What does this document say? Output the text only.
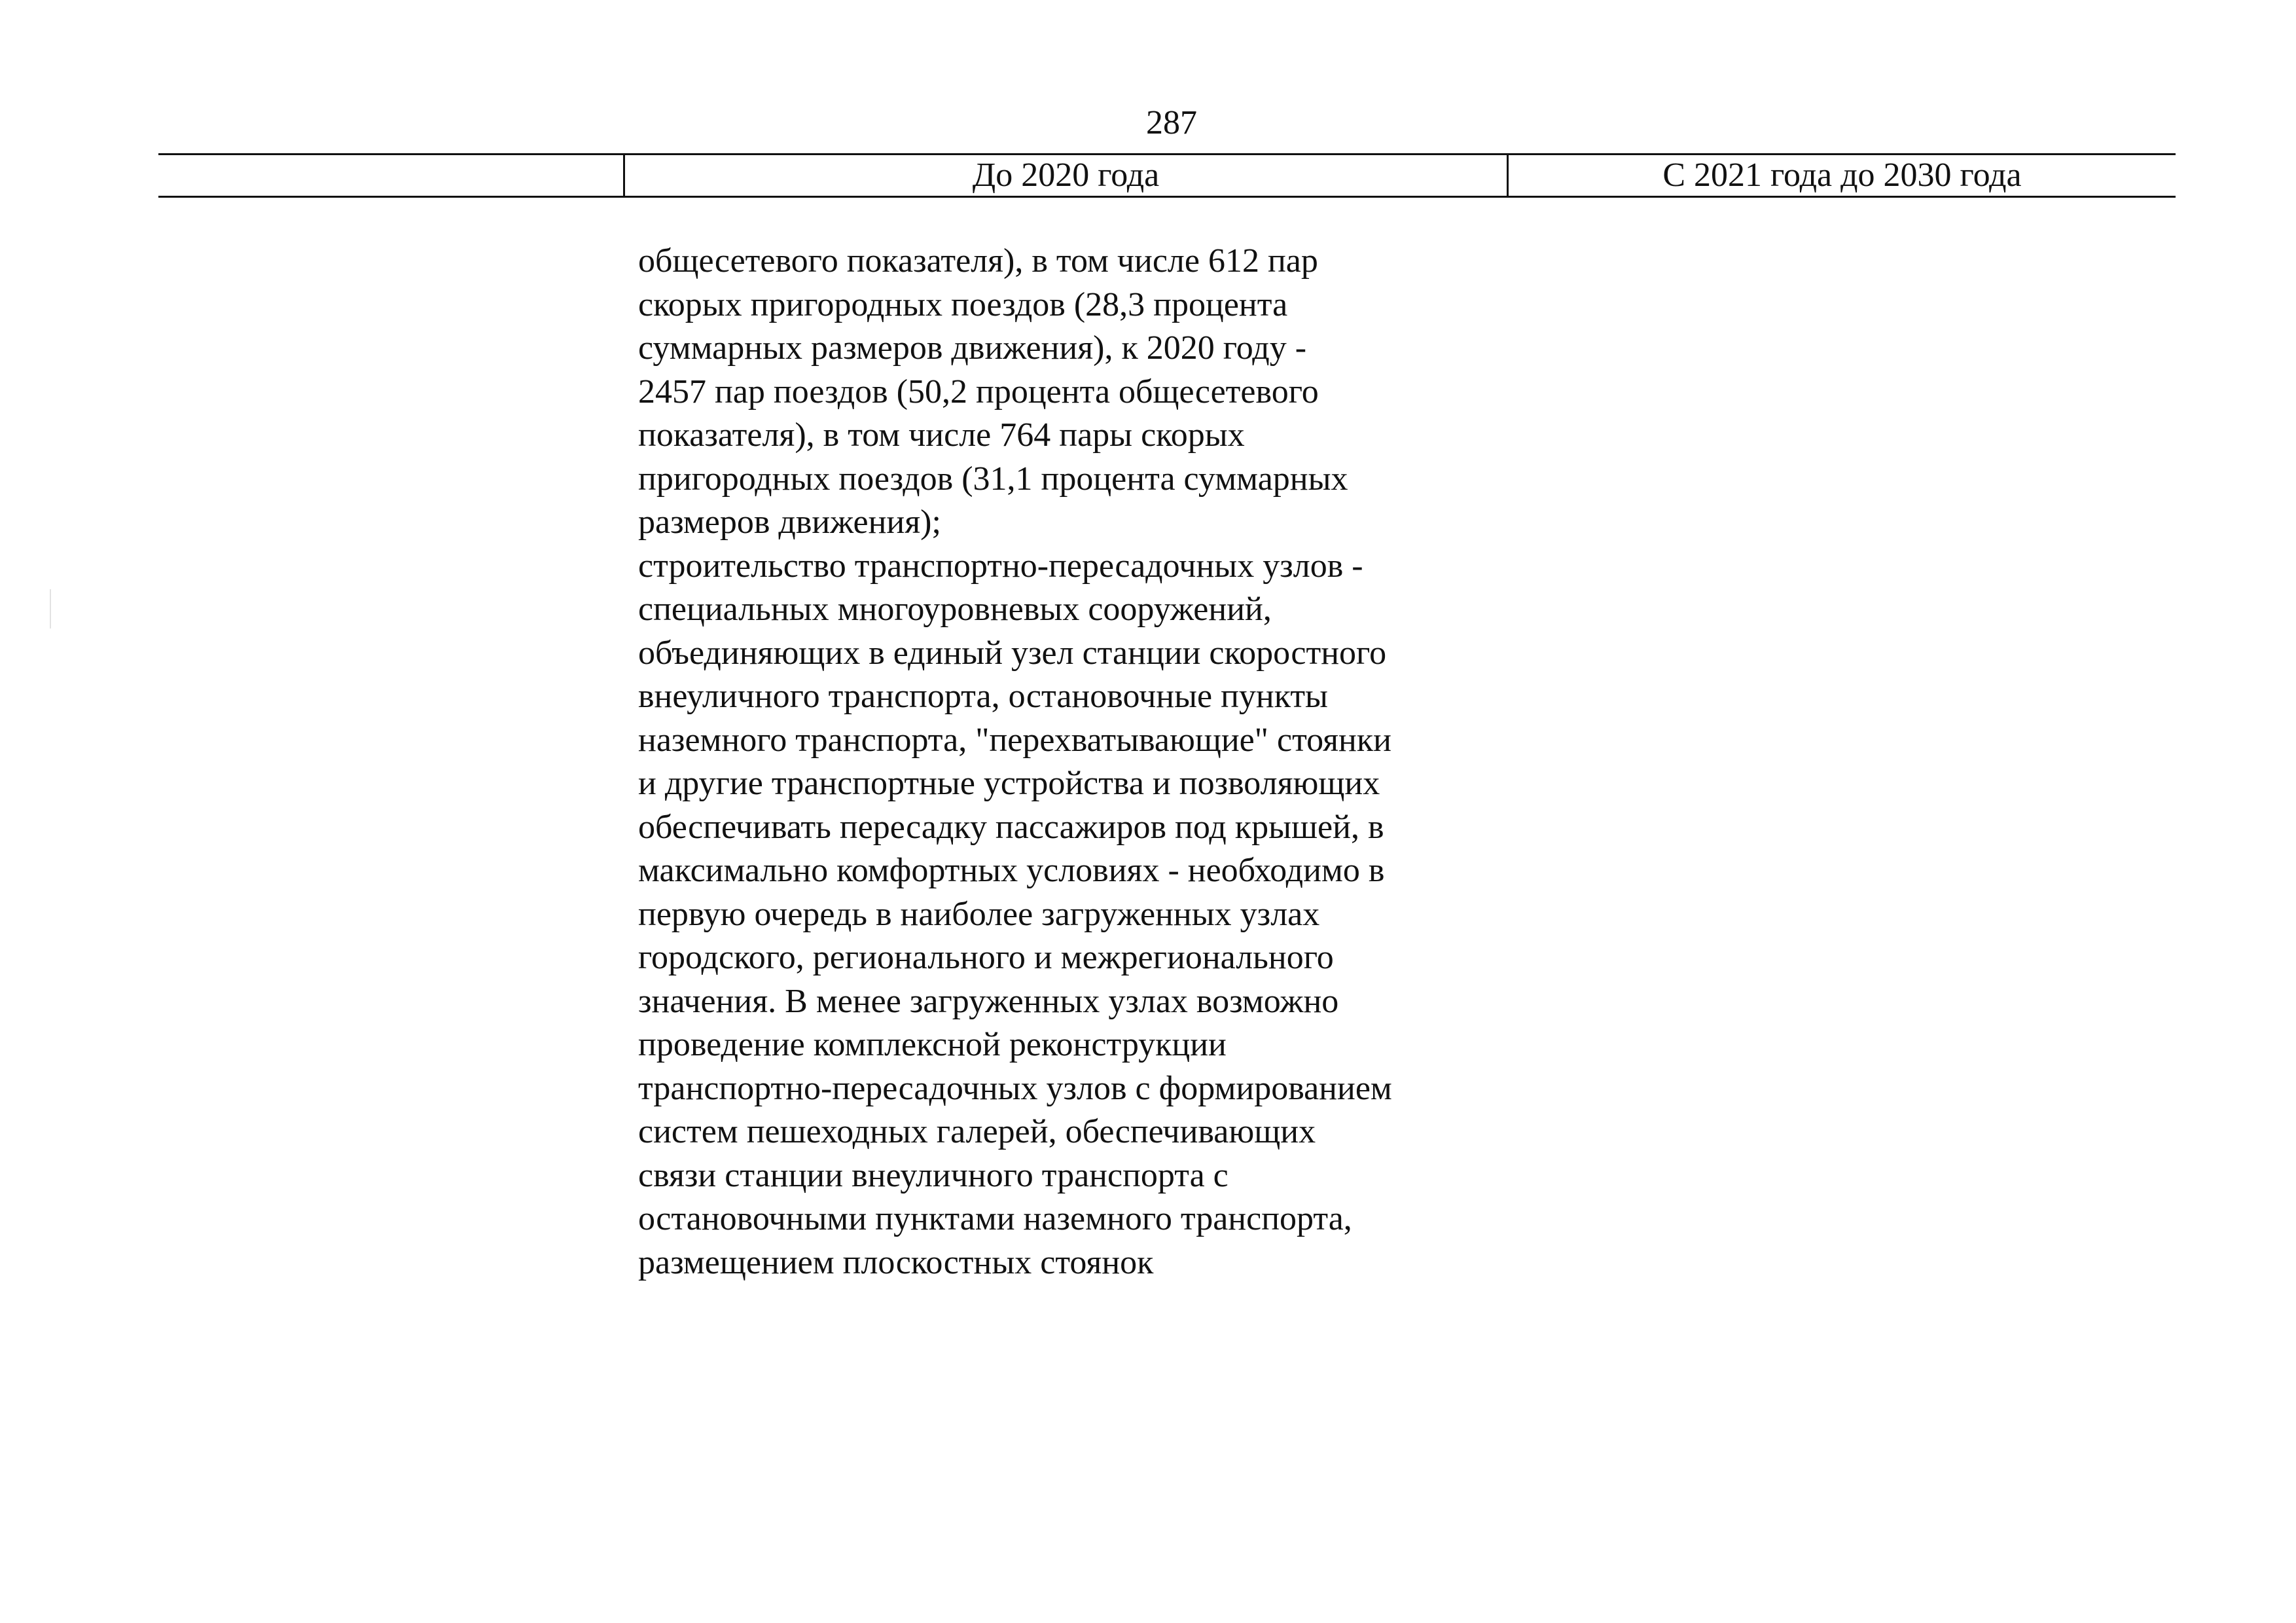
287
До 2020 года	С 2021 года до 2030 года
общесетевого показателя), в том числе 612 пар
скорых пригородных поездов (28,3 процента
суммарных размеров движения), к 2020 году -
2457 пар поездов (50,2 процента общесетевого
показателя), в том числе 764 пары скорых
пригородных поездов (31,1 процента суммарных
размеров движения);
строительство транспортно-пересадочных узлов -
специальных многоуровневых сооружений,
объединяющих в единый узел станции скоростного
внеуличного транспорта, остановочные пункты
наземного транспорта, "перехватывающие" стоянки
и другие транспортные устройства и позволяющих
обеспечивать пересадку пассажиров под крышей, в
максимально комфортных условиях - необходимо в
первую очередь в наиболее загруженных узлах
городского, регионального и межрегионального
значения. В менее загруженных узлах возможно
проведение комплексной реконструкции
транспортно-пересадочных узлов с формированием
систем пешеходных галерей, обеспечивающих
связи станции внеуличного транспорта с
остановочными пунктами наземного транспорта,
размещением плоскостных стоянок
